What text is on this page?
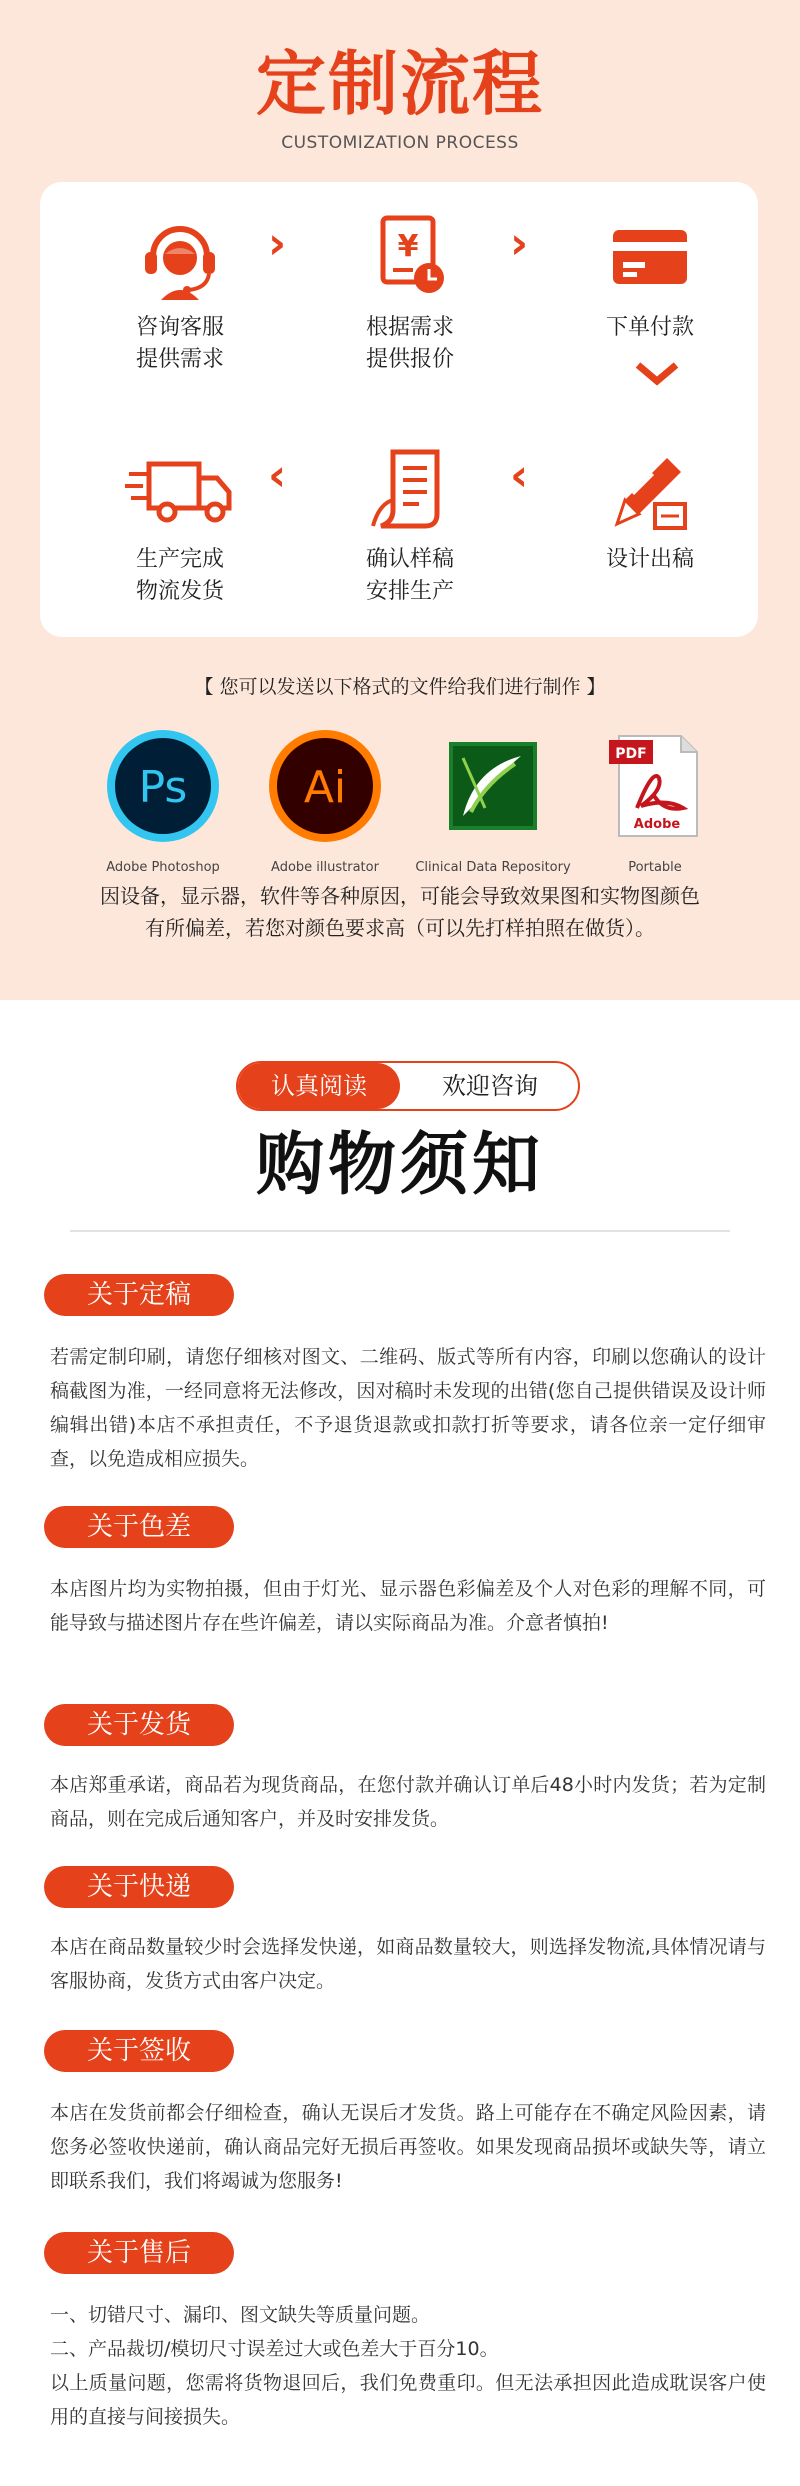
定制流程
CUSTOMIZATION PROCESS
咨询客服
提供需求
›	¥
根据需求
提供报价
›
下单付款
设计出稿
‹
确认样稿
安排生产
‹
生产完成
物流发货
【 您可以发送以下格式的文件给我们进行制作 】
Ps
Adobe Photoshop
Ai
Adobe illustrator	Clinical Data Repository
PDF
Adobe
Portable
因设备，显示器，软件等各种原因，可能会导致效果图和实物图颜色
有所偏差，若您对颜色要求高（可以先打样拍照在做货）。
认真阅读	欢迎咨询
购物须知
关于定稿
若需定制印刷，请您仔细核对图文、二维码、版式等所有内容，印刷以您确认的设计稿截图为准，一经同意将无法修改，因对稿时未发现的出错(您自己提供错误及设计师编辑出错)本店不承担责任，不予退货退款或扣款打折等要求，请各位亲一定仔细审查，以免造成相应损失。
关于色差
本店图片均为实物拍摄，但由于灯光、显示器色彩偏差及个人对色彩的理解不同，可能导致与描述图片存在些许偏差，请以实际商品为准。介意者慎拍!
关于发货
本店郑重承诺，商品若为现货商品，在您付款并确认订单后48小时内发货；若为定制商品，则在完成后通知客户，并及时安排发货。
关于快递
本店在商品数量较少时会选择发快递，如商品数量较大，则选择发物流,具体情况请与客服协商，发货方式由客户决定。
关于签收
本店在发货前都会仔细检查，确认无误后才发货。路上可能存在不确定风险因素，请您务必签收快递前，确认商品完好无损后再签收。如果发现商品损坏或缺失等，请立即联系我们，我们将竭诚为您服务!
关于售后
一、切错尺寸、漏印、图文缺失等质量问题。
二、产品裁切/模切尺寸误差过大或色差大于百分10。
以上质量问题，您需将货物退回后，我们免费重印。但无法承担因此造成耽误客户使用的直接与间接损失。
